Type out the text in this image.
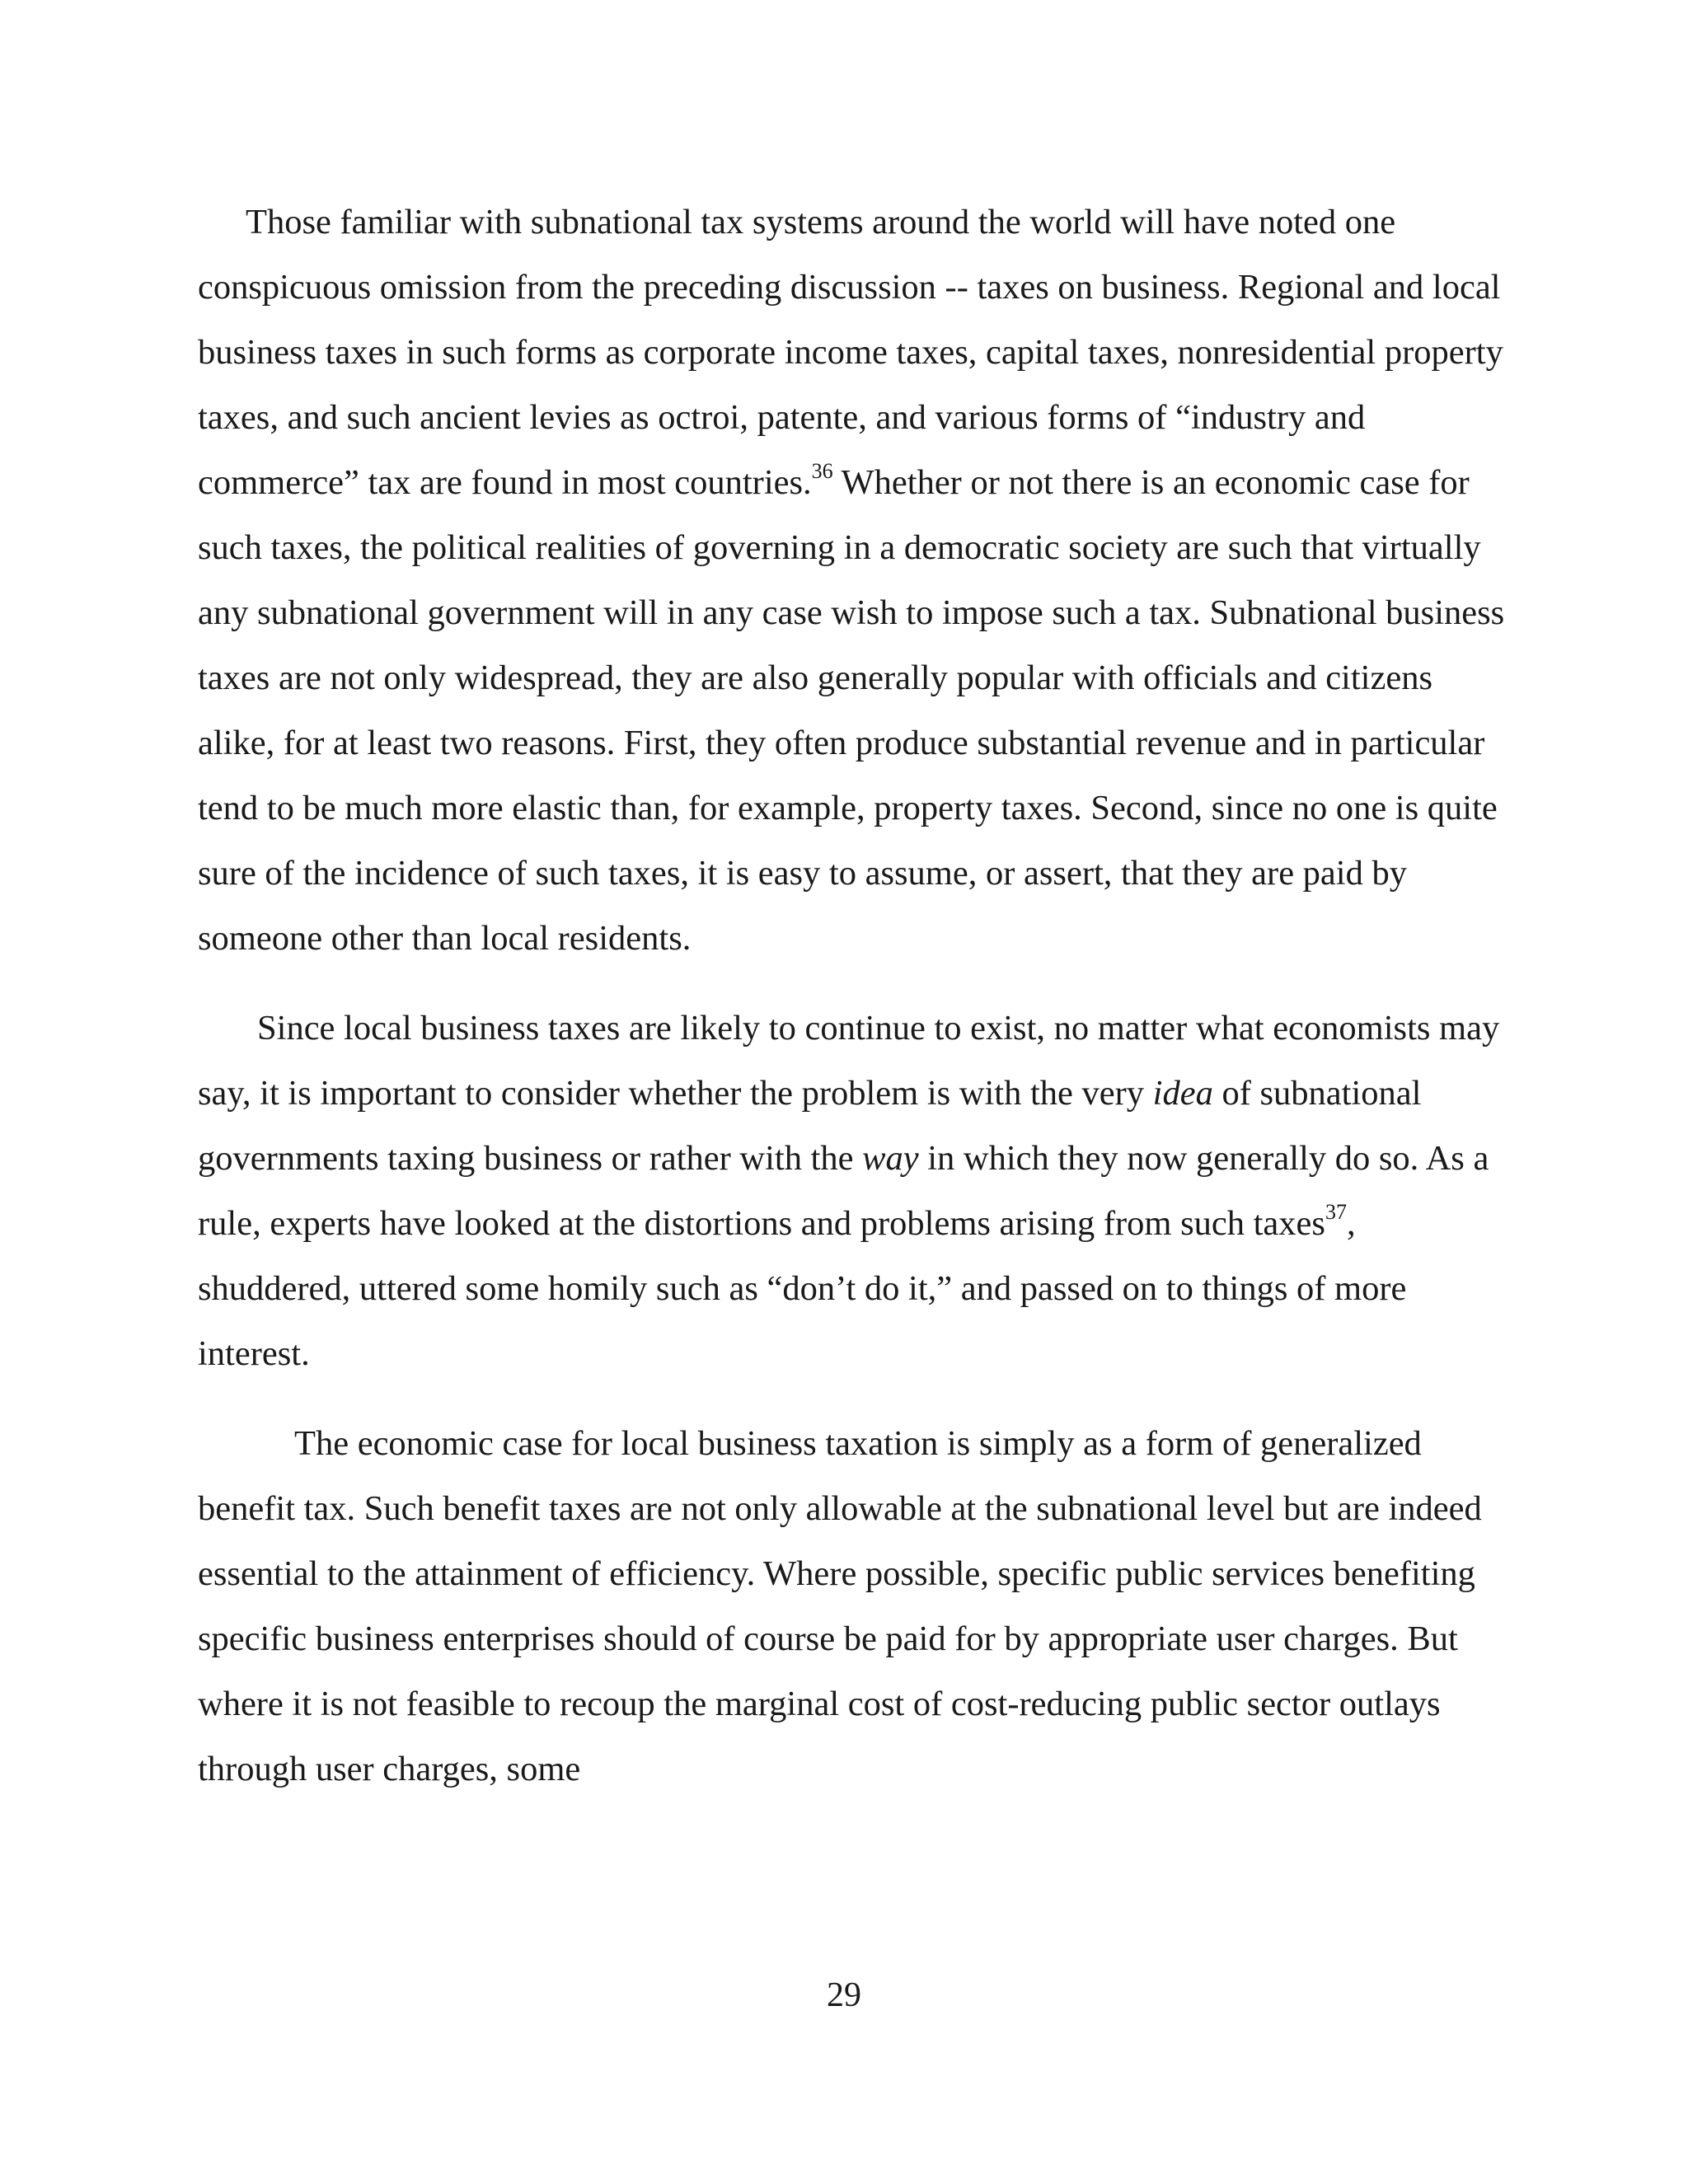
Those familiar with subnational tax systems around the world will have noted one conspicuous omission from the preceding discussion -- taxes on business. Regional and local business taxes in such forms as corporate income taxes, capital taxes, nonresidential property taxes, and such ancient levies as octroi, patente, and various forms of “industry and commerce” tax are found in most countries.$^{36}$ Whether or not there is an economic case for such taxes, the political realities of governing in a democratic society are such that virtually any subnational government will in any case wish to impose such a tax. Subnational business taxes are not only widespread, they are also generally popular with officials and citizens alike, for at least two reasons. First, they often produce substantial revenue and in particular tend to be much more elastic than, for example, property taxes. Second, since no one is quite sure of the incidence of such taxes, it is easy to assume, or assert, that they are paid by someone other than local residents.

Since local business taxes are likely to continue to exist, no matter what economists may say, it is important to consider whether the problem is with the very idea of subnational governments taxing business or rather with the way in which they now generally do so. As a rule, experts have looked at the distortions and problems arising from such taxes$^{37}$, shuddered, uttered some homily such as “don’t do it,” and passed on to things of more interest.

The economic case for local business taxation is simply as a form of generalized benefit tax. Such benefit taxes are not only allowable at the subnational level but are indeed essential to the attainment of efficiency. Where possible, specific public services benefiting specific business enterprises should of course be paid for by appropriate user charges. But where it is not feasible to recoup the marginal cost of cost-reducing public sector outlays through user charges, some

29
